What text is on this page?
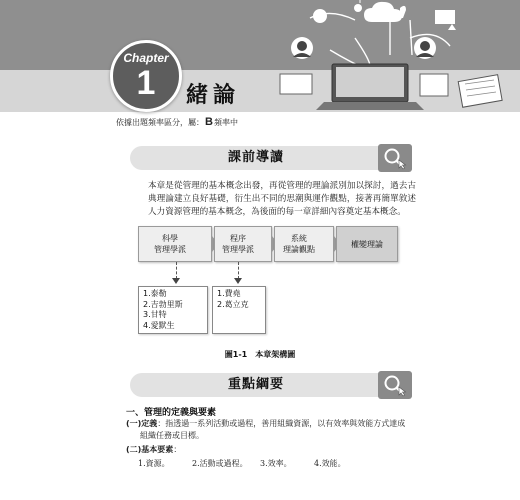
Chapter
1	緒論
依據出題頻率區分，屬：B頻率中
課前導讀

本章是從管理的基本概念出發，再從管理的理論派別加以探討，過去古典理論建立良好基礎，衍生出不同的思潮與運作觀點，接著再簡單敘述人力資源管理的基本概念，為後面的每一章詳細內容奠定基本概念。

科學
管理學派
程序
管理學派
系統
理論觀點
權變理論
1.泰勒
2.吉勃里斯
3.甘特
4.愛默生
1.費堯
2.葛立克
圖1-1　本章架構圖
重點綱要
一、管理的定義與要素
(一)定義：指透過一系列活動或過程，善用組織資源，以有效率與效能方式達成
組織任務或目標。
(二)基本要素：
1.資源。	2.活動或過程。 3.效率。	4.效能。
